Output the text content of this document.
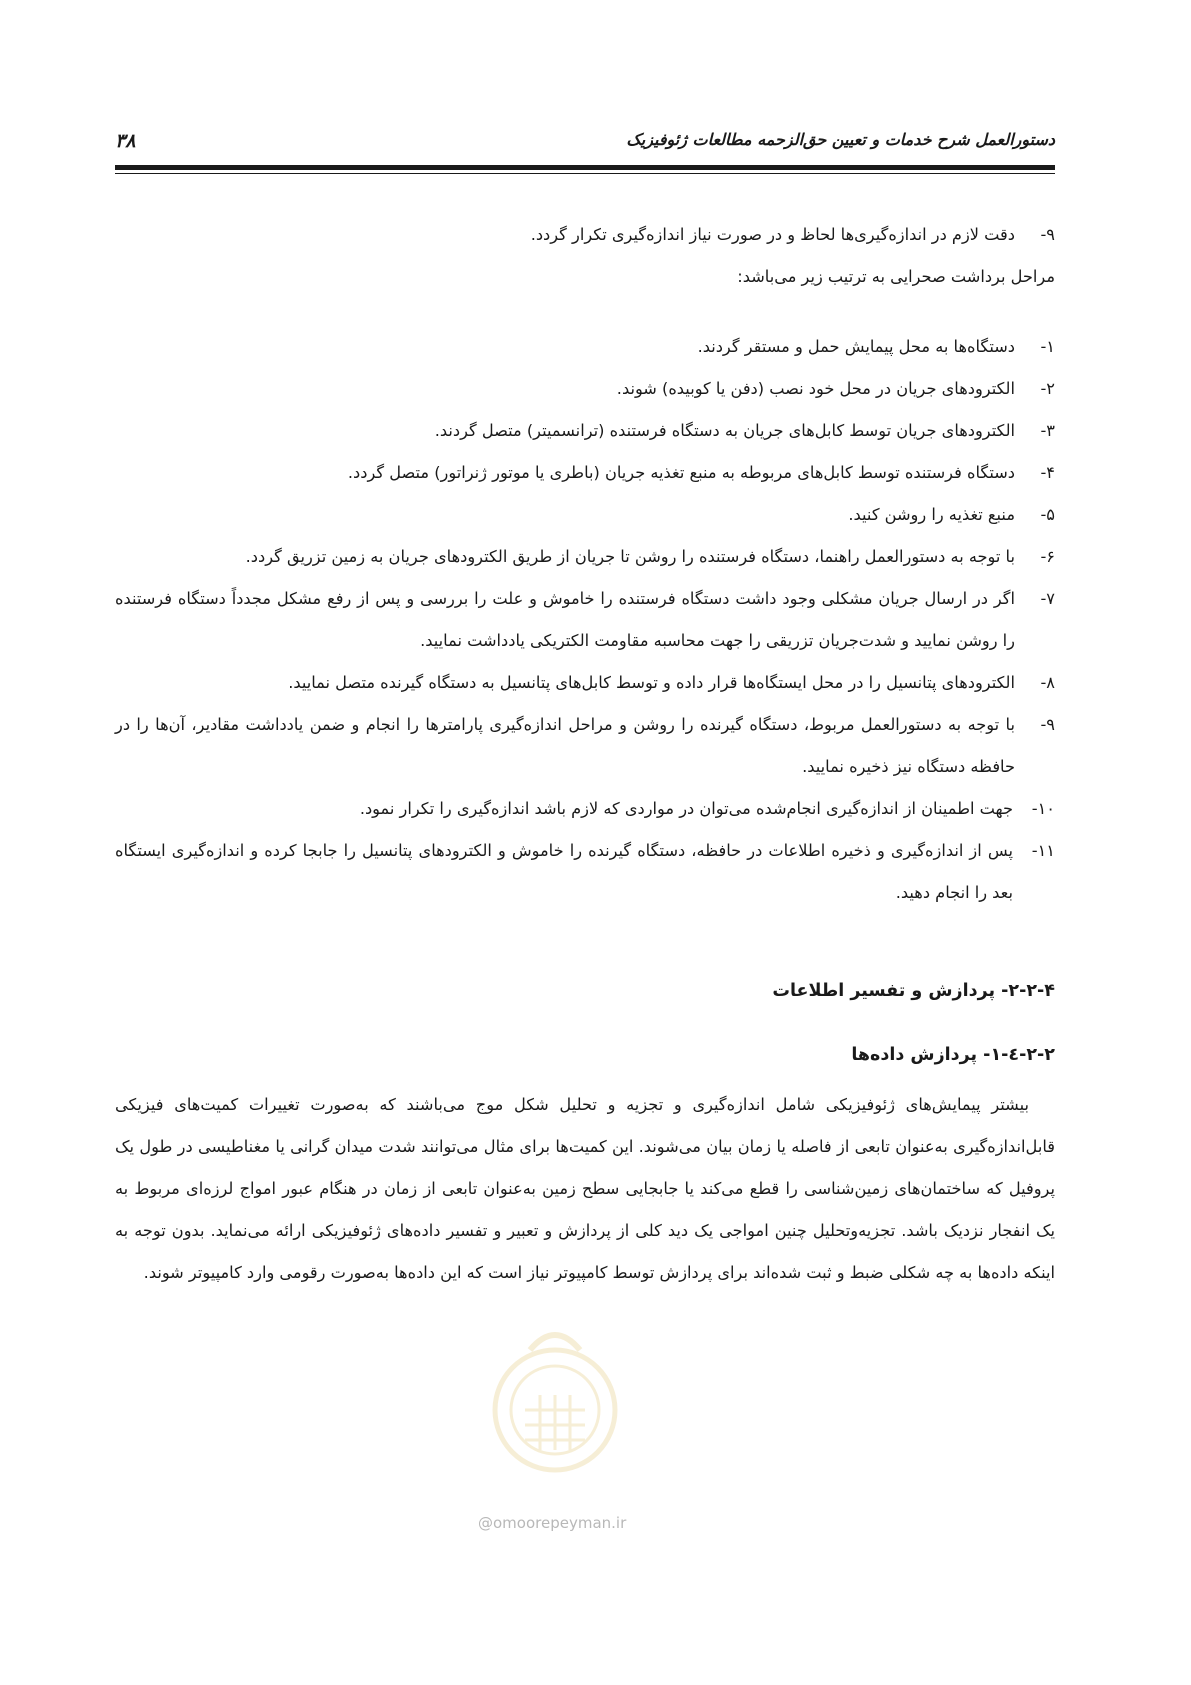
۳۸	دستورالعمل شرح خدمات و تعیین حق‌الزحمه مطالعات ژئوفیزیک
۹-
دقت لازم در اندازه‌گیری‌ها لحاظ و در صورت نیاز اندازه‌گیری تکرار گردد.

مراحل برداشت صحرایی به ترتیب زیر می‌باشد:

۱-
دستگاه‌ها به محل پیمایش حمل و مستقر گردند.
۲-
الکترودهای جریان در محل خود نصب (دفن یا کوبیده) شوند.
۳-
الکترودهای جریان توسط کابل‌های جریان به دستگاه فرستنده (ترانسمیتر) متصل گردند.
۴-
دستگاه فرستنده توسط کابل‌های مربوطه به منبع تغذیه جریان (باطری یا موتور ژنراتور) متصل گردد.
۵-
منبع تغذیه را روشن کنید.
۶-
با توجه به دستورالعمل راهنما، دستگاه فرستنده را روشن تا جریان از طریق الکترودهای جریان به زمین تزریق گردد.
۷-
اگر در ارسال جریان مشکلی وجود داشت دستگاه فرستنده را خاموش و علت را بررسی و پس از رفع مشکل مجدداً دستگاه فرستنده را روشن نمایید و شدت‌جریان تزریقی را جهت محاسبه مقاومت الکتریکی یادداشت نمایید.
۸-
الکترودهای پتانسیل را در محل ایستگاه‌ها قرار داده و توسط کابل‌های پتانسیل به دستگاه گیرنده متصل نمایید.
۹-
با توجه به دستورالعمل مربوط، دستگاه گیرنده را روشن و مراحل اندازه‌گیری پارامترها را انجام و ضمن یادداشت مقادیر، آن‌ها را در حافظه دستگاه نیز ذخیره نمایید.
۱۰-
جهت اطمینان از اندازه‌گیری انجام‌شده می‌توان در مواردی که لازم باشد اندازه‌گیری را تکرار نمود.
۱۱-
پس از اندازه‌گیری و ذخیره اطلاعات در حافظه، دستگاه گیرنده را خاموش و الکترودهای پتانسیل را جابجا کرده و اندازه‌گیری ایستگاه بعد را انجام دهید.
۲-۲-۴- پردازش و تفسیر اطلاعات
۲-۲-٤-۱- پردازش داده‌ها

بیشتر پیمایش‌های ژئوفیزیکی شامل اندازه‌گیری و تجزیه و تحلیل شکل موج می‌باشند که به‌صورت تغییرات کمیت‌های فیزیکی قابل‌اندازه‌گیری به‌عنوان تابعی از فاصله یا زمان بیان می‌شوند. این کمیت‌ها برای مثال می‌توانند شدت میدان گرانی یا مغناطیسی در طول یک پروفیل که ساختمان‌های زمین‌شناسی را قطع می‌کند یا جابجایی سطح زمین به‌عنوان تابعی از زمان در هنگام عبور امواج لرزه‌ای مربوط به یک انفجار نزدیک باشد. تجزیه‌وتحلیل چنین امواجی یک دید کلی از پردازش و تعبیر و تفسیر داده‌های ژئوفیزیکی ارائه می‌نماید. بدون توجه به اینکه داده‌ها به چه شکلی ضبط و ثبت شده‌اند برای پردازش توسط کامپیوتر نیاز است که این داده‌ها به‌صورت رقومی وارد کامپیوتر شوند.

@omoorepeyman.ir
